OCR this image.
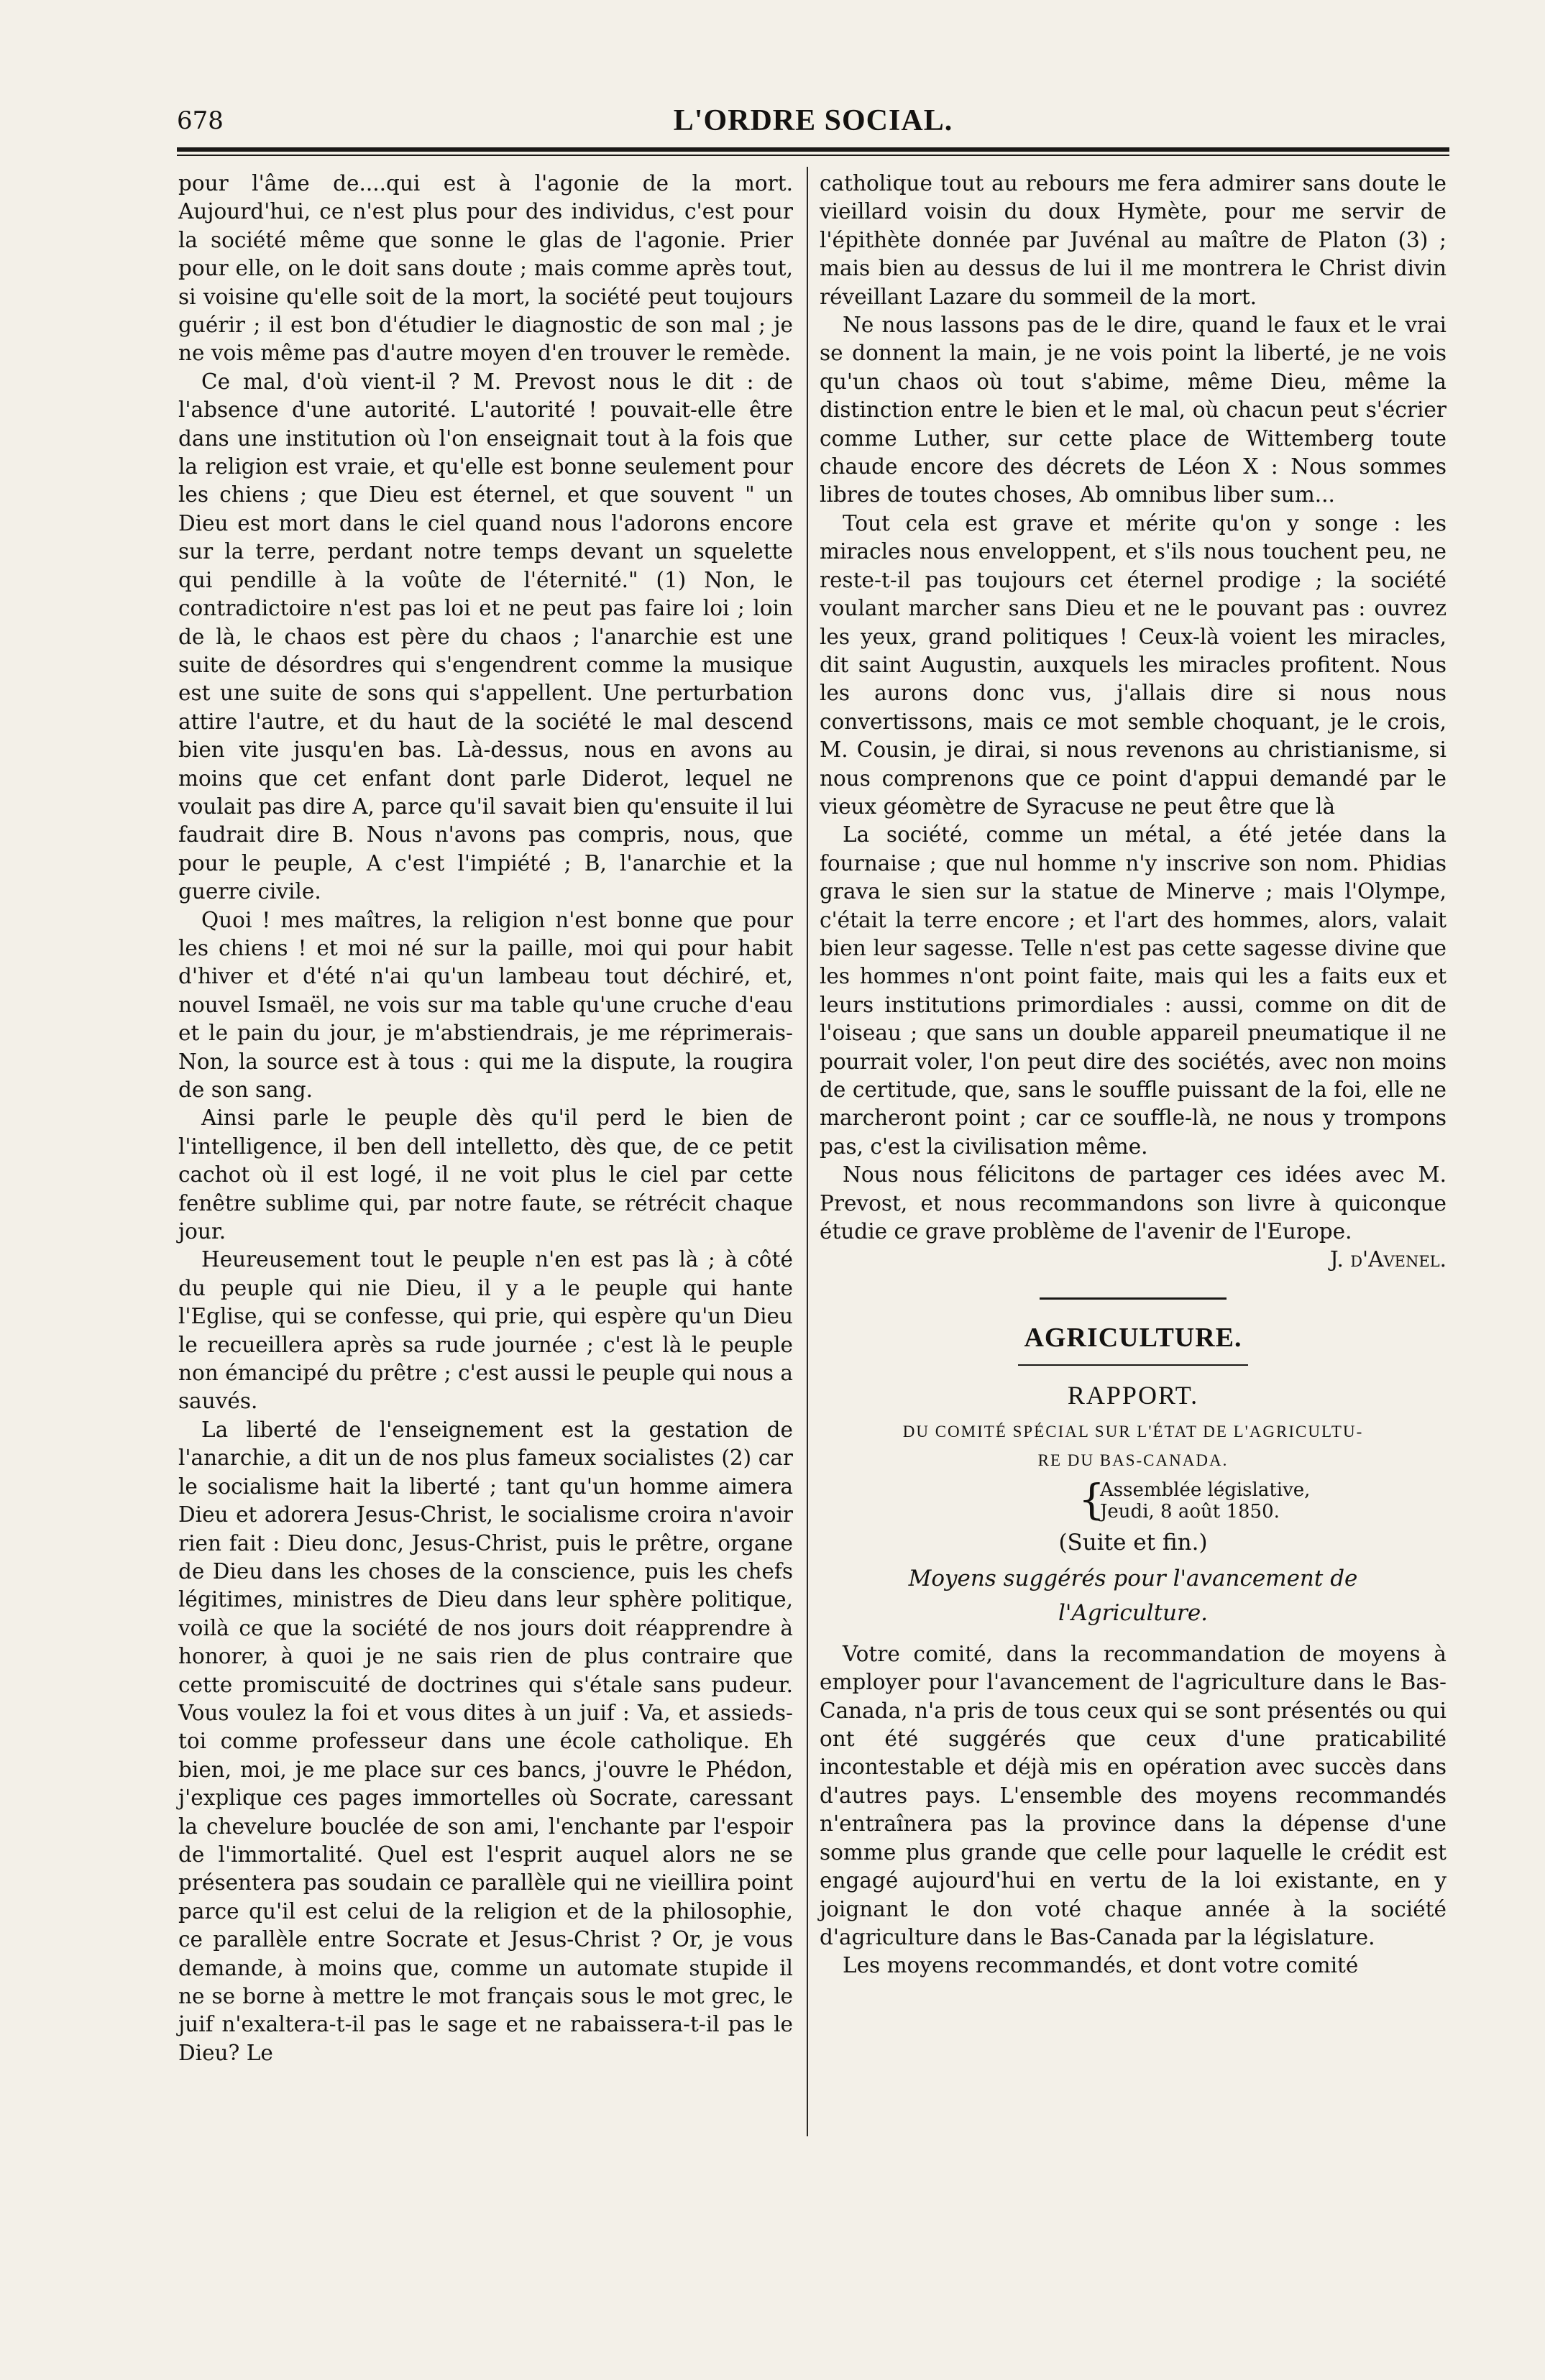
678	L'ORDRE SOCIAL.

pour l'âme de....qui est à l'agonie de la mort. Aujourd'hui, ce n'est plus pour des individus, c'est pour la société même que sonne le glas de l'agonie. Prier pour elle, on le doit sans doute ; mais comme après tout, si voisine qu'elle soit de la mort, la société peut toujours guérir ; il est bon d'étudier le diagnostic de son mal ; je ne vois même pas d'autre moyen d'en trouver le remède.

Ce mal, d'où vient-il ? M. Prevost nous le dit : de l'absence d'une autorité. L'autorité ! pouvait-elle être dans une institution où l'on enseignait tout à la fois que la religion est vraie, et qu'elle est bonne seulement pour les chiens ; que Dieu est éternel, et que souvent " un Dieu est mort dans le ciel quand nous l'adorons encore sur la terre, perdant notre temps devant un squelette qui pendille à la voûte de l'éternité." (1) Non, le contradictoire n'est pas loi et ne peut pas faire loi ; loin de là, le chaos est père du chaos ; l'anarchie est une suite de désordres qui s'engendrent comme la musique est une suite de sons qui s'appellent. Une perturbation attire l'autre, et du haut de la société le mal descend bien vite jusqu'en bas. Là-dessus, nous en avons au moins que cet enfant dont parle Diderot, lequel ne voulait pas dire A, parce qu'il savait bien qu'ensuite il lui faudrait dire B. Nous n'avons pas compris, nous, que pour le peuple, A c'est l'impiété ; B, l'anarchie et la guerre civile.

Quoi ! mes maîtres, la religion n'est bonne que pour les chiens ! et moi né sur la paille, moi qui pour habit d'hiver et d'été n'ai qu'un lambeau tout déchiré, et, nouvel Ismaël, ne vois sur ma table qu'une cruche d'eau et le pain du jour, je m'abstiendrais, je me réprimerais- Non, la source est à tous : qui me la dispute, la rougira de son sang.

Ainsi parle le peuple dès qu'il perd le bien de l'intelligence, il ben dell intelletto, dès que, de ce petit cachot où il est logé, il ne voit plus le ciel par cette fenêtre sublime qui, par notre faute, se rétrécit chaque jour.

Heureusement tout le peuple n'en est pas là ; à côté du peuple qui nie Dieu, il y a le peuple qui hante l'Eglise, qui se confesse, qui prie, qui espère qu'un Dieu le recueillera après sa rude journée ; c'est là le peuple non émancipé du prêtre ; c'est aussi le peuple qui nous a sauvés.

La liberté de l'enseignement est la gestation de l'anarchie, a dit un de nos plus fameux socialistes (2) car le socialisme hait la liberté ; tant qu'un homme aimera Dieu et adorera Jesus-Christ, le socialisme croira n'avoir rien fait : Dieu donc, Jesus-Christ, puis le prêtre, organe de Dieu dans les choses de la conscience, puis les chefs légitimes, ministres de Dieu dans leur sphère politique, voilà ce que la société de nos jours doit réapprendre à honorer, à quoi je ne sais rien de plus contraire que cette promiscuité de doctrines qui s'étale sans pudeur. Vous voulez la foi et vous dites à un juif : Va, et assieds-toi comme professeur dans une école catholique. Eh bien, moi, je me place sur ces bancs, j'ouvre le Phédon, j'explique ces pages immortelles où Socrate, caressant la chevelure bouclée de son ami, l'enchante par l'espoir de l'immortalité. Quel est l'esprit auquel alors ne se présentera pas soudain ce parallèle qui ne vieillira point parce qu'il est celui de la religion et de la philosophie, ce parallèle entre Socrate et Jesus-Christ ? Or, je vous demande, à moins que, comme un automate stupide il ne se borne à mettre le mot français sous le mot grec, le juif n'exaltera-t-il pas le sage et ne rabaissera-t-il pas le Dieu? Le

catholique tout au rebours me fera admirer sans doute le vieillard voisin du doux Hymète, pour me servir de l'épithète donnée par Juvénal au maître de Platon (3) ; mais bien au dessus de lui il me montrera le Christ divin réveillant Lazare du sommeil de la mort.

Ne nous lassons pas de le dire, quand le faux et le vrai se donnent la main, je ne vois point la liberté, je ne vois qu'un chaos où tout s'abime, même Dieu, même la distinction entre le bien et le mal, où chacun peut s'écrier comme Luther, sur cette place de Wittemberg toute chaude encore des décrets de Léon X : Nous sommes libres de toutes choses, Ab omnibus liber sum...

Tout cela est grave et mérite qu'on y songe : les miracles nous enveloppent, et s'ils nous touchent peu, ne reste-t-il pas toujours cet éternel prodige ; la société voulant marcher sans Dieu et ne le pouvant pas : ouvrez les yeux, grand politiques ! Ceux-là voient les miracles, dit saint Augustin, auxquels les miracles profitent. Nous les aurons donc vus, j'allais dire si nous nous convertissons, mais ce mot semble choquant, je le crois, M. Cousin, je dirai, si nous revenons au christianisme, si nous comprenons que ce point d'appui demandé par le vieux géomètre de Syracuse ne peut être que là

La société, comme un métal, a été jetée dans la fournaise ; que nul homme n'y inscrive son nom. Phidias grava le sien sur la statue de Minerve ; mais l'Olympe, c'était la terre encore ; et l'art des hommes, alors, valait bien leur sagesse. Telle n'est pas cette sagesse divine que les hommes n'ont point faite, mais qui les a faits eux et leurs institutions primordiales : aussi, comme on dit de l'oiseau ; que sans un double appareil pneumatique il ne pourrait voler, l'on peut dire des sociétés, avec non moins de certitude, que, sans le souffle puissant de la foi, elle ne marcheront point ; car ce souffle-là, ne nous y trompons pas, c'est la civilisation même.

Nous nous félicitons de partager ces idées avec M. Prevost, et nous recommandons son livre à quiconque étudie ce grave problème de l'avenir de l'Europe.

J. d'Avenel.
AGRICULTURE.
RAPPORT.
DU COMITÉ SPÉCIAL SUR L'ÉTAT DE L'AGRICULTU-
RE DU BAS-CANADA.
{
Assemblée législative,
Jeudi, 8 août 1850.
(Suite et fin.)
Moyens suggérés pour l'avancement de l'Agriculture.

Votre comité, dans la recommandation de moyens à employer pour l'avancement de l'agriculture dans le Bas-Canada, n'a pris de tous ceux qui se sont présentés ou qui ont été suggérés que ceux d'une praticabilité incontestable et déjà mis en opération avec succès dans d'autres pays. L'ensemble des moyens recommandés n'entraînera pas la province dans la dépense d'une somme plus grande que celle pour laquelle le crédit est engagé aujourd'hui en vertu de la loi existante, en y joignant le don voté chaque année à la société d'agriculture dans le Bas-Canada par la législature.

Les moyens recommandés, et dont votre comité
